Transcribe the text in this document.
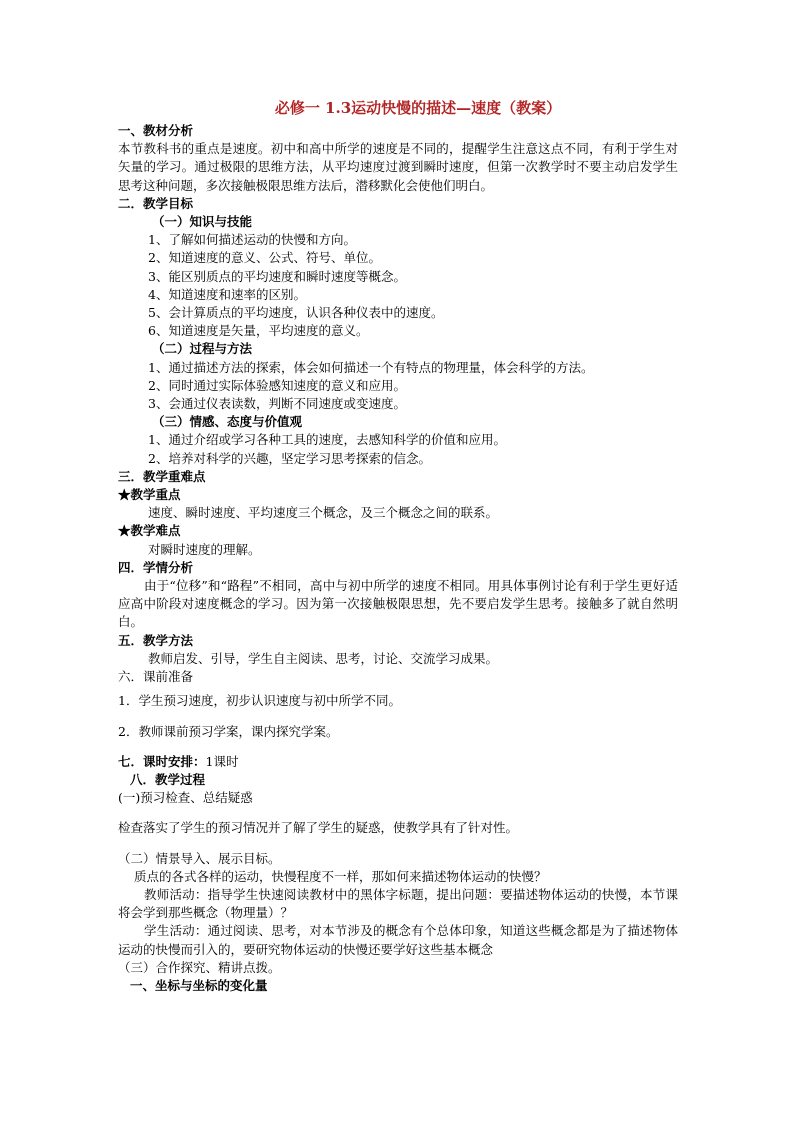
必修一 1.3运动快慢的描述—速度（教案）
一、教材分析
本节教科书的重点是速度。初中和高中所学的速度是不同的，提醒学生注意这点不同，有利于学生对矢量的学习。通过极限的思维方法，从平均速度过渡到瞬时速度，但第一次教学时不要主动启发学生思考这种问题，多次接触极限思维方法后，潜移默化会使他们明白。
二．教学目标
（一）知识与技能
1、了解如何描述运动的快慢和方向。
2、知道速度的意义、公式、符号、单位。
3、能区别质点的平均速度和瞬时速度等概念。
4、知道速度和速率的区别。
5、会计算质点的平均速度，认识各种仪表中的速度。
6、知道速度是矢量，平均速度的意义。
（二）过程与方法
1、通过描述方法的探索，体会如何描述一个有特点的物理量，体会科学的方法。
2、同时通过实际体验感知速度的意义和应用。
3、会通过仪表读数，判断不同速度或变速度。
（三）情感、态度与价值观
1、通过介绍或学习各种工具的速度，去感知科学的价值和应用。
2、培养对科学的兴趣，坚定学习思考探索的信念。
三．教学重难点
★教学重点
速度、瞬时速度、平均速度三个概念，及三个概念之间的联系。
★教学难点
对瞬时速度的理解。
四．学情分析
由于“位移”和“路程”不相同，高中与初中所学的速度不相同。用具体事例讨论有利于学生更好适应高中阶段对速度概念的学习。因为第一次接触极限思想，先不要启发学生思考。接触多了就自然明白。
五．教学方法
教师启发、引导，学生自主阅读、思考，讨论、交流学习成果。
六．课前准备
1．学生预习速度，初步认识速度与初中所学不同。
2．教师课前预习学案，课内探究学案。
七．课时安排：1课时
八．教学过程
(一)预习检查、总结疑惑
检查落实了学生的预习情况并了解了学生的疑惑，使教学具有了针对性。
（二）情景导入、展示目标。
质点的各式各样的运动，快慢程度不一样，那如何来描述物体运动的快慢？
教师活动：指导学生快速阅读教材中的黑体字标题，提出问题：要描述物体运动的快慢，本节课将会学到那些概念（物理量）？
学生活动：通过阅读、思考，对本节涉及的概念有个总体印象，知道这些概念都是为了描述物体运动的快慢而引入的，要研究物体运动的快慢还要学好这些基本概念
（三）合作探究、精讲点拨。
一、坐标与坐标的变化量
